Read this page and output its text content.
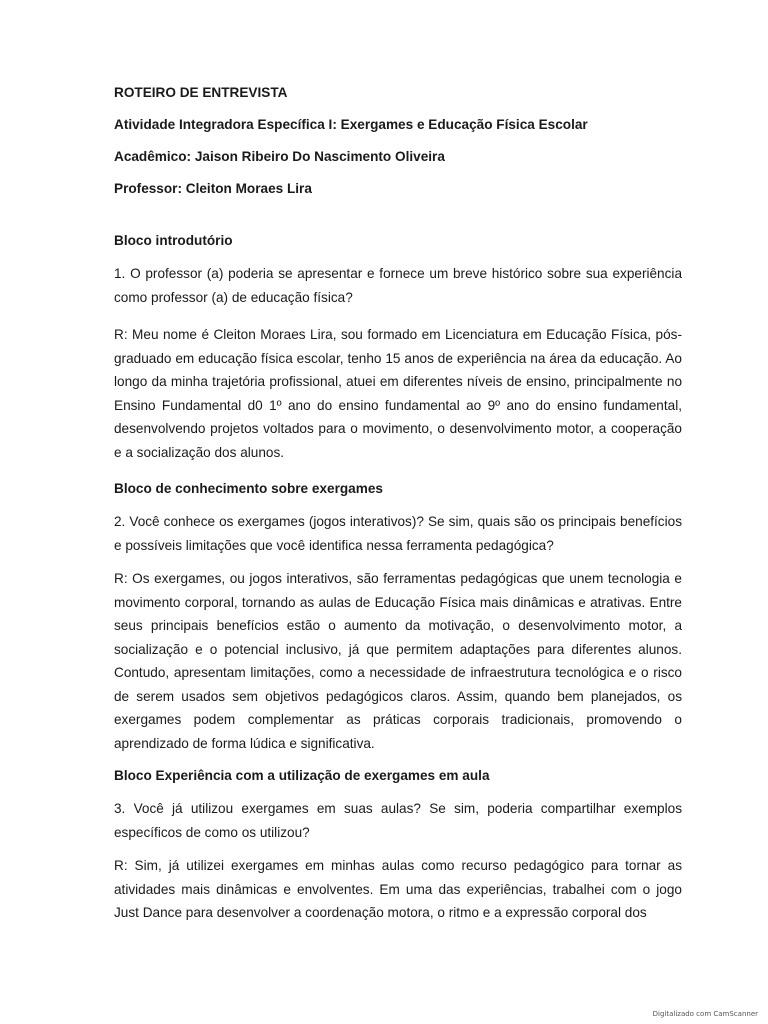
ROTEIRO DE ENTREVISTA

Atividade Integradora Específica I: Exergames e Educação Física Escolar

Acadêmico: Jaison Ribeiro Do Nascimento Oliveira

Professor: Cleiton Moraes Lira

Bloco introdutório

1. O professor (a) poderia se apresentar e fornece um breve histórico sobre sua experiência como professor (a) de educação física?

R: Meu nome é Cleiton Moraes Lira, sou formado em Licenciatura em Educação Física, pós-graduado em educação física escolar, tenho 15 anos de experiência na área da educação. Ao longo da minha trajetória profissional, atuei em diferentes níveis de ensino, principalmente no Ensino Fundamental d0 1º ano do ensino fundamental ao 9º ano do ensino fundamental, desenvolvendo projetos voltados para o movimento, o desenvolvimento motor, a cooperação e a socialização dos alunos.

Bloco de conhecimento sobre exergames

2. Você conhece os exergames (jogos interativos)? Se sim, quais são os principais benefícios e possíveis limitações que você identifica nessa ferramenta pedagógica?

R: Os exergames, ou jogos interativos, são ferramentas pedagógicas que unem tecnologia e movimento corporal, tornando as aulas de Educação Física mais dinâmicas e atrativas. Entre seus principais benefícios estão o aumento da motivação, o desenvolvimento motor, a socialização e o potencial inclusivo, já que permitem adaptações para diferentes alunos. Contudo, apresentam limitações, como a necessidade de infraestrutura tecnológica e o risco de serem usados sem objetivos pedagógicos claros. Assim, quando bem planejados, os exergames podem complementar as práticas corporais tradicionais, promovendo o aprendizado de forma lúdica e significativa.

Bloco Experiência com a utilização de exergames em aula

3. Você já utilizou exergames em suas aulas? Se sim, poderia compartilhar exemplos específicos de como os utilizou?

R: Sim, já utilizei exergames em minhas aulas como recurso pedagógico para tornar as atividades mais dinâmicas e envolventes. Em uma das experiências, trabalhei com o jogo Just Dance para desenvolver a coordenação motora, o ritmo e a expressão corporal dos

Digitalizado com CamScanner
